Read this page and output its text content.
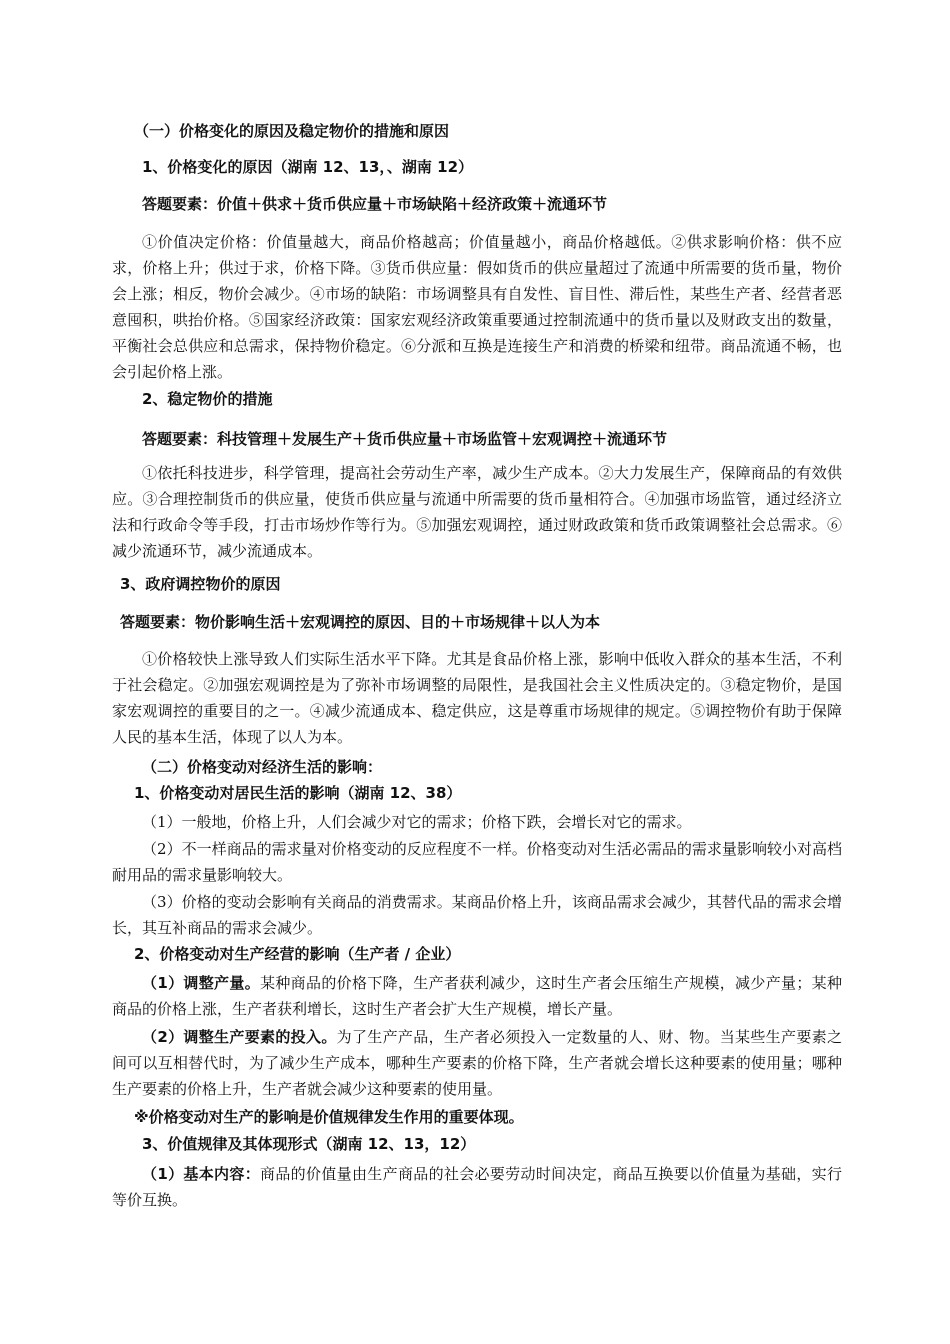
（一）价格变化的原因及稳定物价的措施和原因
1、价格变化的原因（湖南 12、13，、湖南 12）
答题要素：价值＋供求＋货币供应量＋市场缺陷＋经济政策＋流通环节

①价值决定价格：价值量越大，商品价格越高；价值量越小，商品价格越低。②供求影响价格：供不应求，价格上升；供过于求，价格下降。③货币供应量：假如货币的供应量超过了流通中所需要的货币量，物价会上涨；相反，物价会减少。④市场的缺陷：市场调整具有自发性、盲目性、滞后性，某些生产者、经营者恶意囤积，哄抬价格。⑤国家经济政策：国家宏观经济政策重要通过控制流通中的货币量以及财政支出的数量，平衡社会总供应和总需求，保持物价稳定。⑥分派和互换是连接生产和消费的桥梁和纽带。商品流通不畅，也会引起价格上涨。

2、稳定物价的措施
答题要素：科技管理＋发展生产＋货币供应量＋市场监管＋宏观调控＋流通环节

①依托科技进步，科学管理，提高社会劳动生产率，减少生产成本。②大力发展生产，保障商品的有效供应。③合理控制货币的供应量，使货币供应量与流通中所需要的货币量相符合。④加强市场监管，通过经济立法和行政命令等手段，打击市场炒作等行为。⑤加强宏观调控，通过财政政策和货币政策调整社会总需求。⑥减少流通环节，减少流通成本。

3、政府调控物价的原因
答题要素：物价影响生活＋宏观调控的原因、目的＋市场规律＋以人为本

①价格较快上涨导致人们实际生活水平下降。尤其是食品价格上涨，影响中低收入群众的基本生活，不利于社会稳定。②加强宏观调控是为了弥补市场调整的局限性，是我国社会主义性质决定的。③稳定物价，是国家宏观调控的重要目的之一。④减少流通成本、稳定供应，这是尊重市场规律的规定。⑤调控物价有助于保障人民的基本生活，体现了以人为本。

（二）价格变动对经济生活的影响：
1、价格变动对居民生活的影响（湖南 12、38）

（1）一般地，价格上升，人们会减少对它的需求；价格下跌，会增长对它的需求。

（2）不一样商品的需求量对价格变动的反应程度不一样。价格变动对生活必需品的需求量影响较小对高档耐用品的需求量影响较大。

（3）价格的变动会影响有关商品的消费需求。某商品价格上升，该商品需求会减少，其替代品的需求会增长，其互补商品的需求会减少。

2、价格变动对生产经营的影响（生产者 / 企业）

（1）调整产量。某种商品的价格下降，生产者获利减少，这时生产者会压缩生产规模，减少产量；某种商品的价格上涨，生产者获利增长，这时生产者会扩大生产规模，增长产量。

（2）调整生产要素的投入。为了生产产品，生产者必须投入一定数量的人、财、物。当某些生产要素之间可以互相替代时，为了减少生产成本，哪种生产要素的价格下降，生产者就会增长这种要素的使用量；哪种生产要素的价格上升，生产者就会减少这种要素的使用量。

※价格变动对生产的影响是价值规律发生作用的重要体现。
3、价值规律及其体现形式（湖南 12、13，12）

（1）基本内容：商品的价值量由生产商品的社会必要劳动时间决定，商品互换要以价值量为基础，实行等价互换。
